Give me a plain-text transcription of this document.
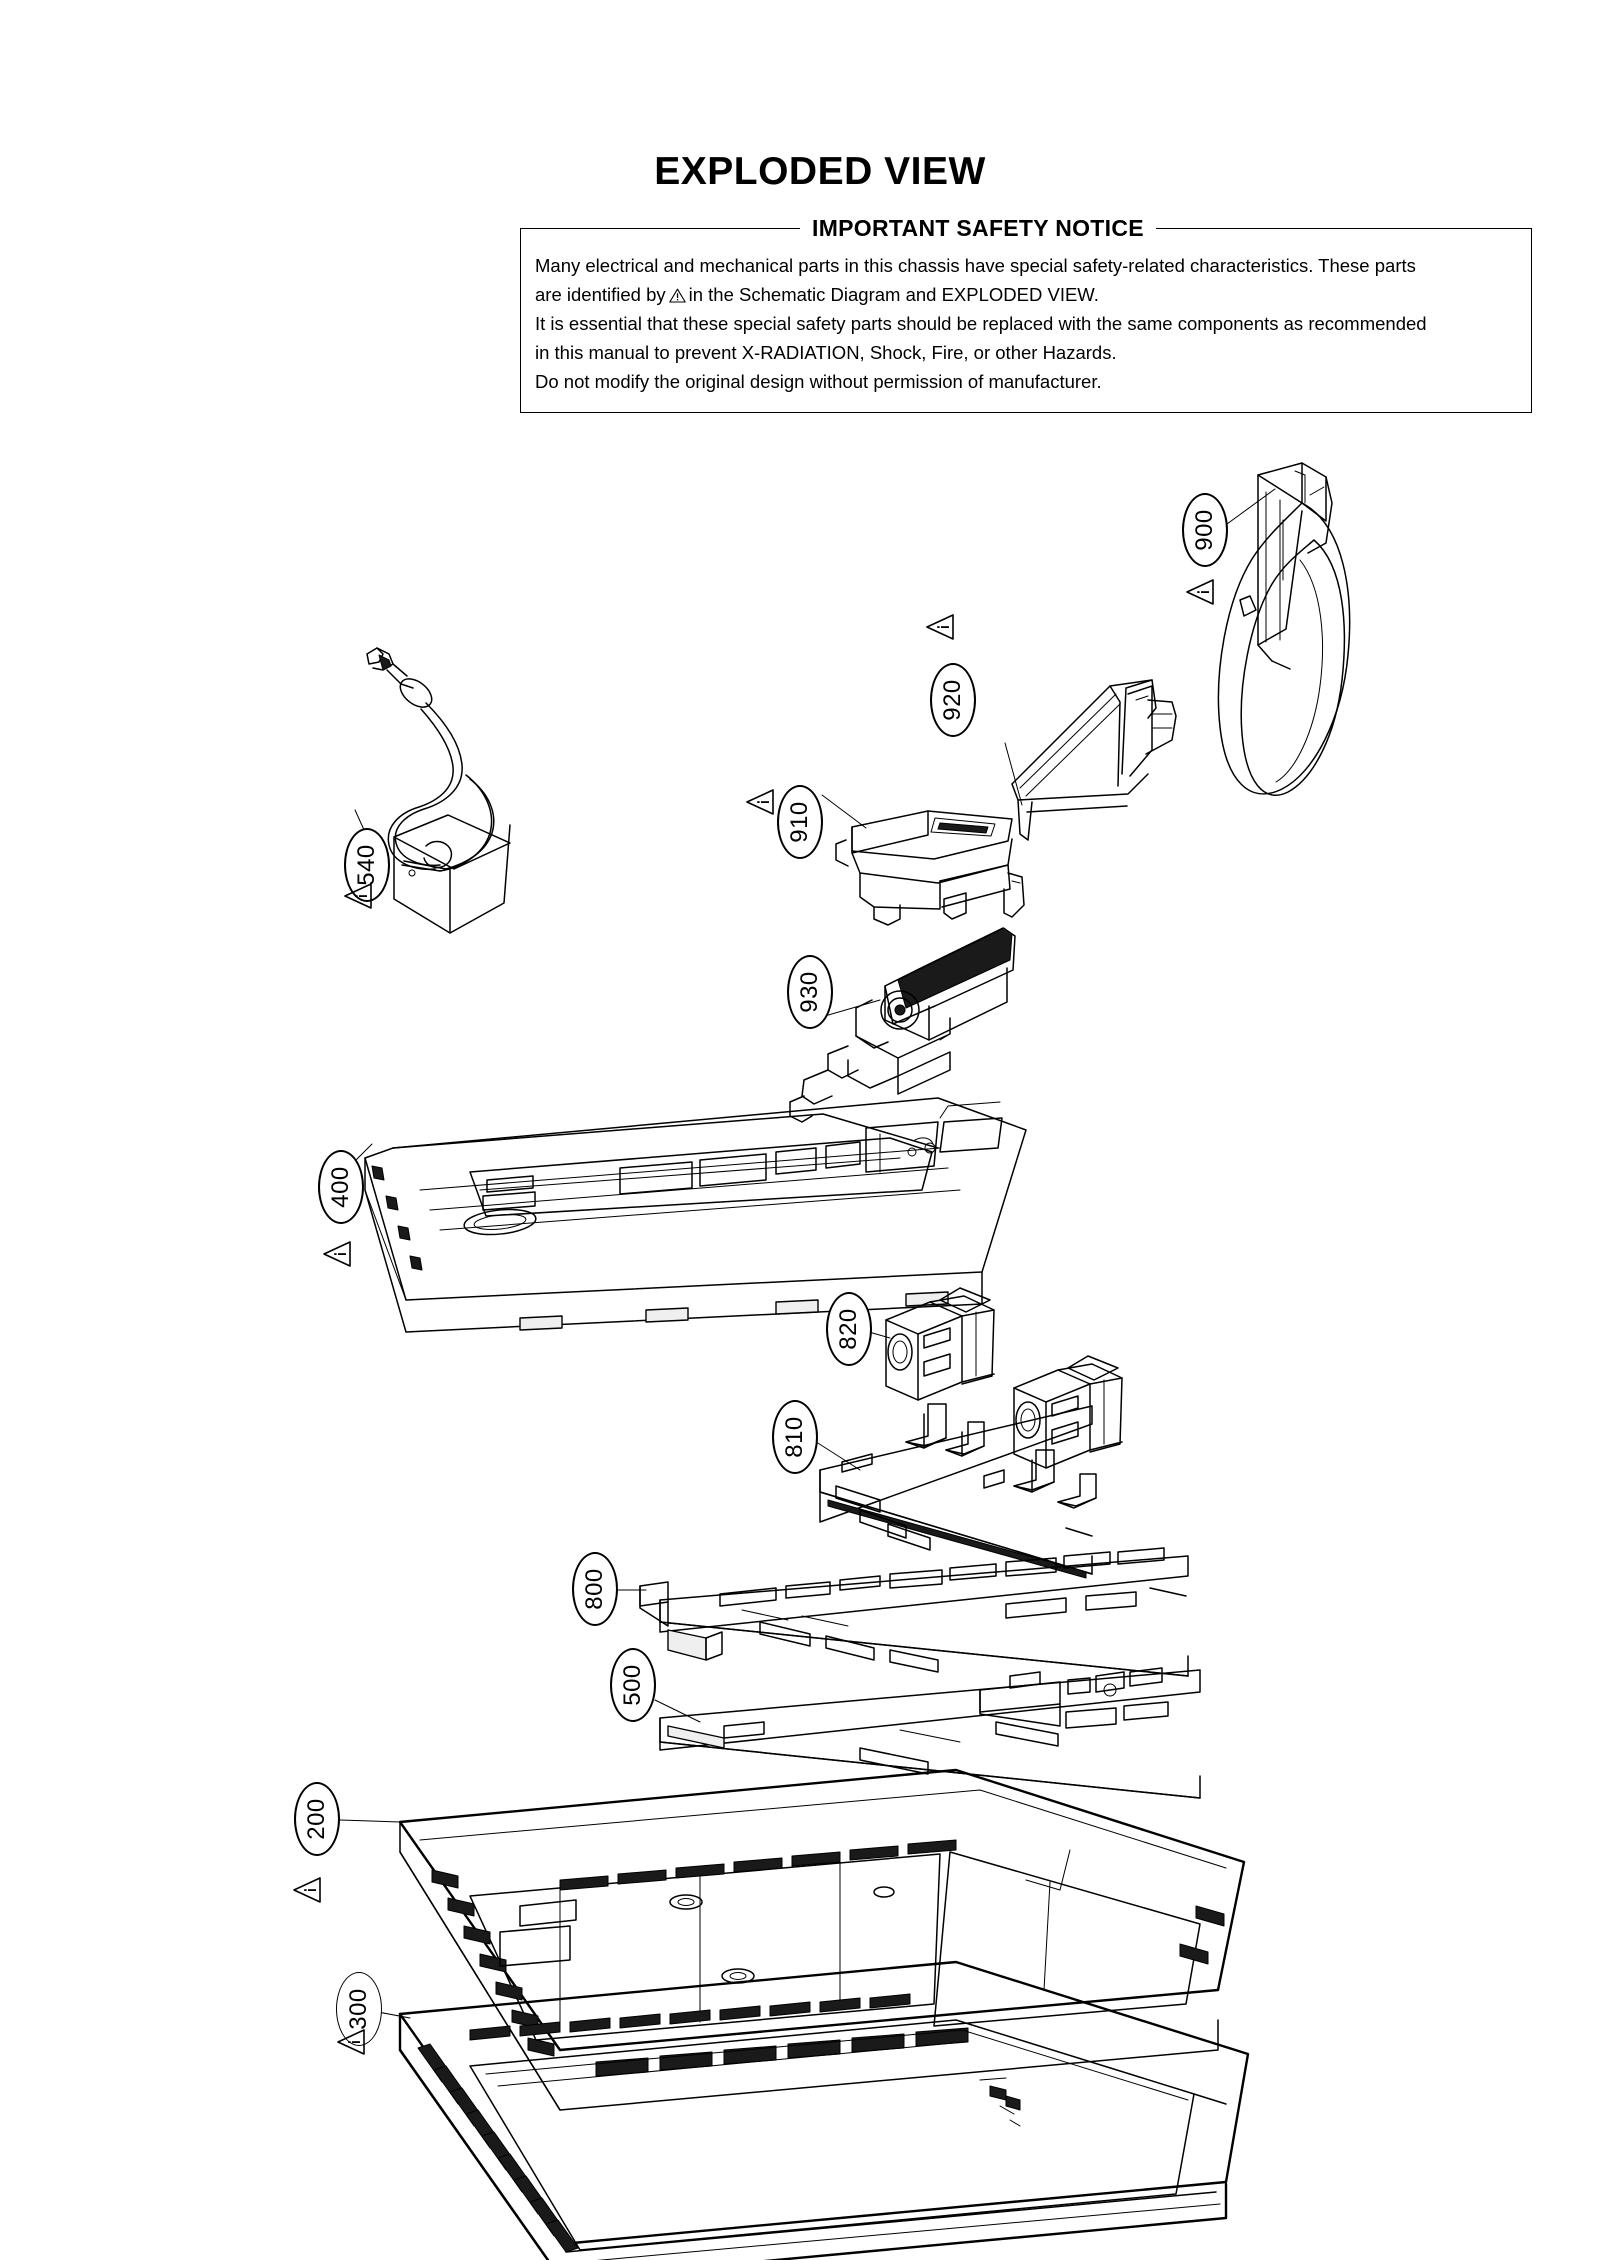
EXPLODED VIEW

Many electrical and mechanical parts in this chassis have special safety-related characteristics. These parts

are identified by in the Schematic Diagram and EXPLODED VIEW.

It is essential that these special safety parts should be replaced with the same components as recommended

in this manual to prevent X-RADIATION, Shock, Fire, or other Hazards.

Do not modify the original design without permission of manufacturer.

IMPORTANT SAFETY NOTICE
900
920
910
540
930
400
820
810
800
500
200
300
